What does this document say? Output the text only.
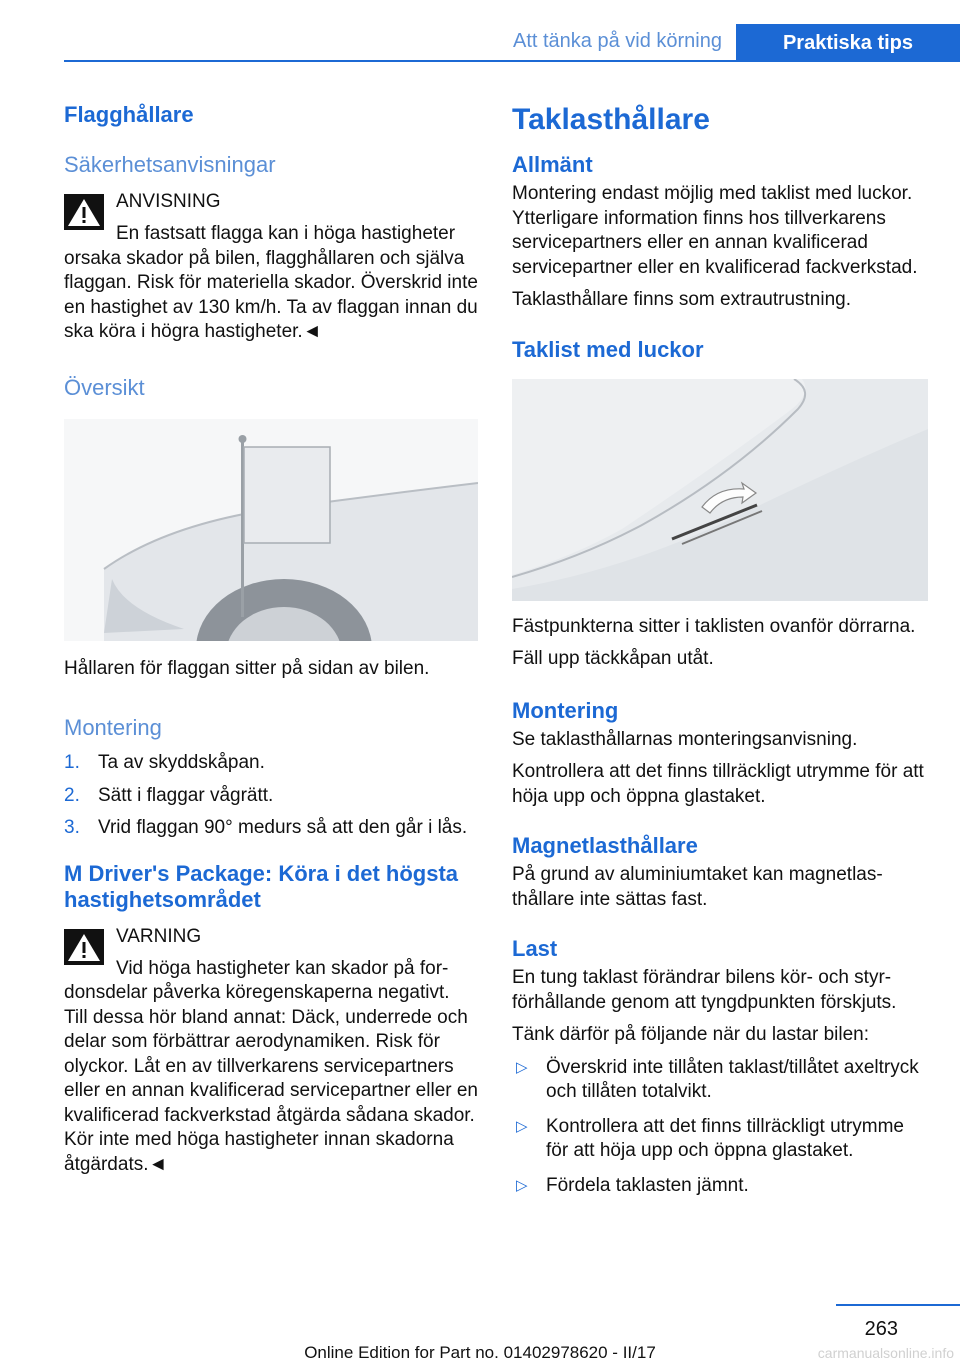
Att tänka på vid körning	Praktiska tips
Flagghållare
Säkerhetsanvisningar
ANVISNING

En fastsatt flagga kan i höga hastigheter orsaka skador på bilen, flagghållaren och själva flaggan. Risk för materiella skador. Överskrid inte en hastighet av 130 km/h. Ta av flaggan innan du ska köra i högra hastigheter.◄

Översikt

Hållaren för flaggan sitter på sidan av bilen.

Montering
1. Ta av skyddskåpan.
2. Sätt i flaggar vågrätt.
3. Vrid flaggan 90° medurs så att den går i lås.
M Driver's Package: Köra i det högsta hastighetsområdet
VARNING

Vid höga hastigheter kan skador på fordonsdelar påverka köregenskaperna negativt. Till dessa hör bland annat: Däck, underrede och delar som förbättrar aerodynamiken. Risk för olyckor. Låt en av tillverkarens servicepartners eller en annan kvalificerad servicepartner eller en kvalificerad fackverkstad åtgärda sådana skador. Kör inte med höga hastigheter innan skadorna åtgärdats.◄

Taklasthållare
Allmänt

Montering endast möjlig med taklist med luckor. Ytterligare information finns hos tillverkarens servicepartners eller en annan kvalificerad servicepartner eller en kvalificerad fackverkstad.

Taklasthållare finns som extrautrustning.

Taklist med luckor

Fästpunkterna sitter i taklisten ovanför dörrarna.

Fäll upp täckkåpan utåt.

Montering

Se taklasthållarnas monteringsanvisning.

Kontrollera att det finns tillräckligt utrymme för att höja upp och öppna glastaket.

Magnetlasthållare

På grund av aluminiumtaket kan magnetlasthållare inte sättas fast.

Last

En tung taklast förändrar bilens kör- och styrförhållande genom att tyngdpunkten förskjuts.

Tänk därför på följande när du lastar bilen:

▷ Överskrid inte tillåten taklast/tillåtet axeltryck och tillåten totalvikt.
▷ Kontrollera att det finns tillräckligt utrymme för att höja upp och öppna glastaket.
▷ Fördela taklasten jämnt.
263
Online Edition for Part no. 01402978620 - II/17	carmanualsonline.info
